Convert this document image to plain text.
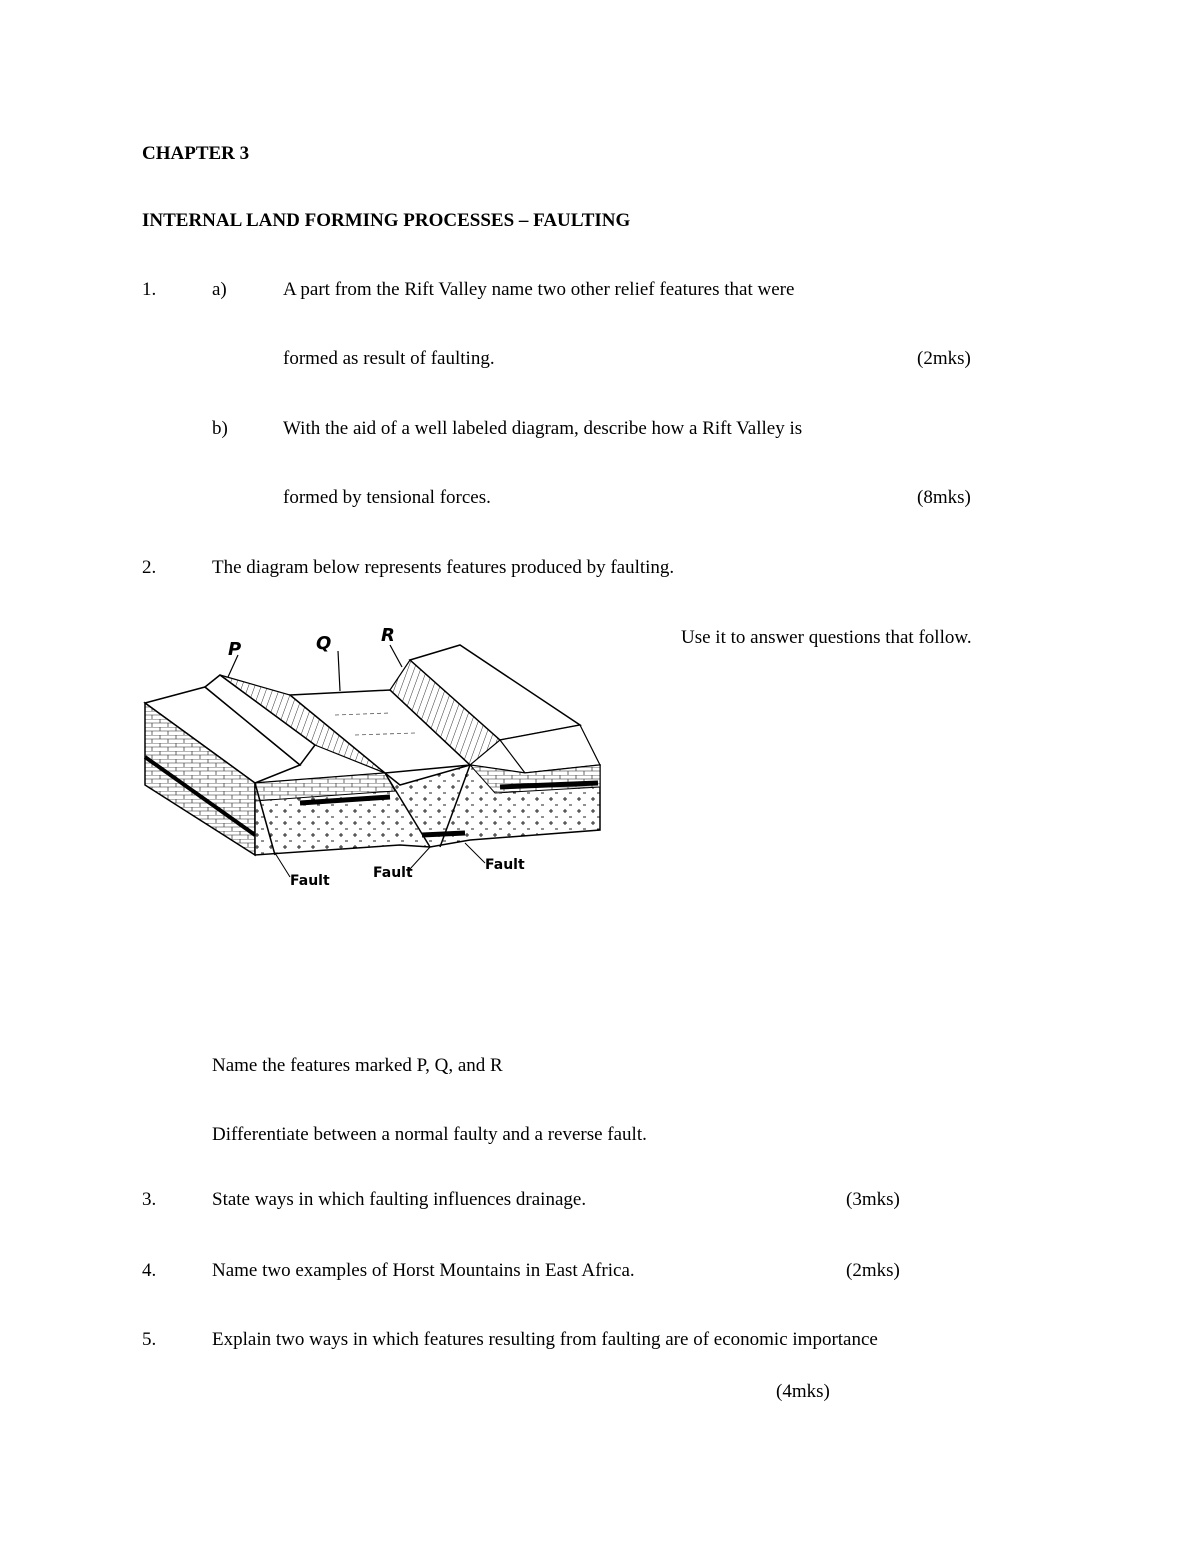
CHAPTER 3
INTERNAL LAND FORMING PROCESSES – FAULTING
1.	a)	A part from the Rift Valley name two other relief features that were
formed as result of faulting.	(2mks)
b)	With the aid of a well labeled diagram, describe how a Rift Valley is
formed by tensional forces.	(8mks)
2.	The diagram below represents features produced by faulting.
Use it to answer questions that follow.
P	Q	R
Fault	Fault	Fault
Name the features marked P, Q, and R
Differentiate between a normal faulty and a reverse fault.
3.	State ways in which faulting influences drainage.	(3mks)
4.	Name two examples of Horst Mountains in East Africa.	(2mks)
5.	Explain two ways in which features resulting from faulting are of economic importance
(4mks)
